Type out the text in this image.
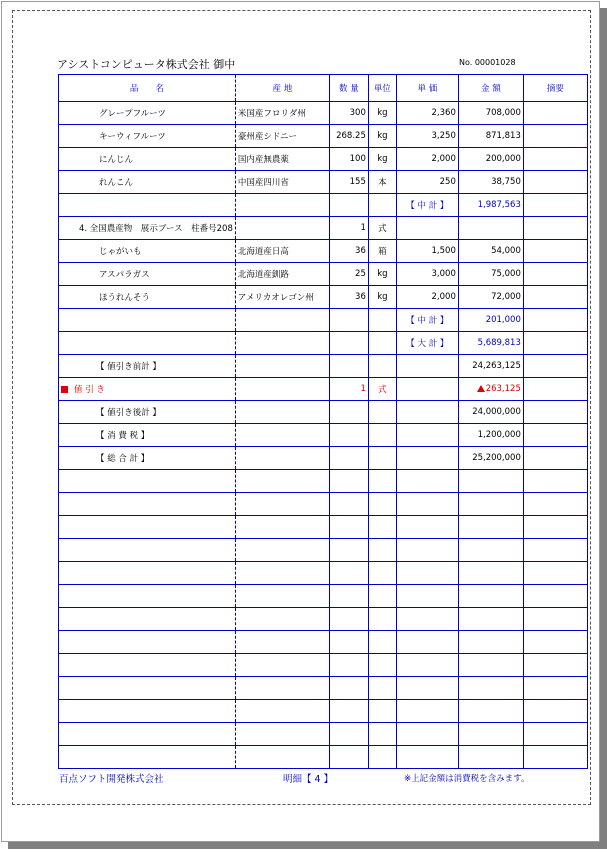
アシストコンピュータ株式会社 御中	No. 00001028
品　　名	産 地	数 量	単位	単 価	金 額	摘要
グレープフルーツ	米国産フロリダ州	300	kg	2,360	708,000	
キーウィフルーツ	豪州産シドニー	268.25	kg	3,250	871,813	
にんじん	国内産無農薬	100	kg	2,000	200,000	
れんこん	中国産四川省	155	本	250	38,750	
				【 中 計 】	1,987,563	
4. 全国農産物　展示ブース　柱番号208		1	式			
じゃがいも	北海道産日高	36	箱	1,500	54,000	
アスパラガス	北海道産釧路	25	kg	3,000	75,000	
ほうれんそう	アメリカオレゴン州	36	kg	2,000	72,000	
				【 中 計 】	201,000	
				【 大 計 】	5,689,813	
【 値引き前計 】					24,263,125	
値 引 き		1	式		263,125	
【 値引き後計 】					24,000,000	
【 消 費 税 】					1,200,000	
【 総 合 計 】					25,200,000	

百点ソフト開発株式会社	明細【 4 】	※上記金額は消費税を含みます。
